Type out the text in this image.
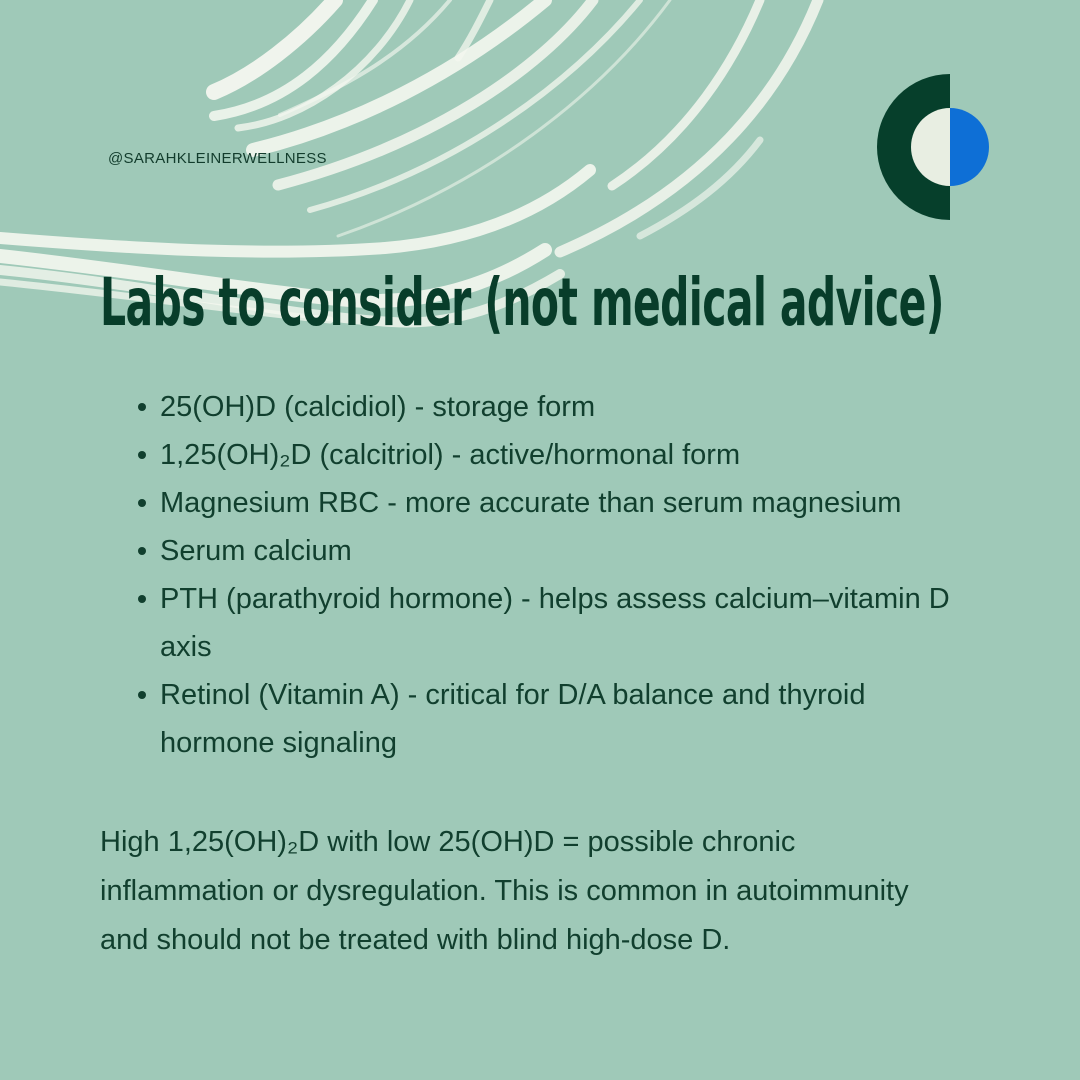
@SARAHKLEINERWELLNESS
Labs to consider (not medical advice)
25(OH)D (calcidiol) - storage form
1,25(OH)₂D (calcitriol) - active/hormonal form
Magnesium RBC - more accurate than serum magnesium
Serum calcium
PTH (parathyroid hormone) - helps assess calcium–vitamin D axis
Retinol (Vitamin A) - critical for D/A balance and thyroid hormone signaling

High 1,25(OH)₂D with low 25(OH)D = possible chronic inflammation or dysregulation. This is common in autoimmunity and should not be treated with blind high-dose D.
